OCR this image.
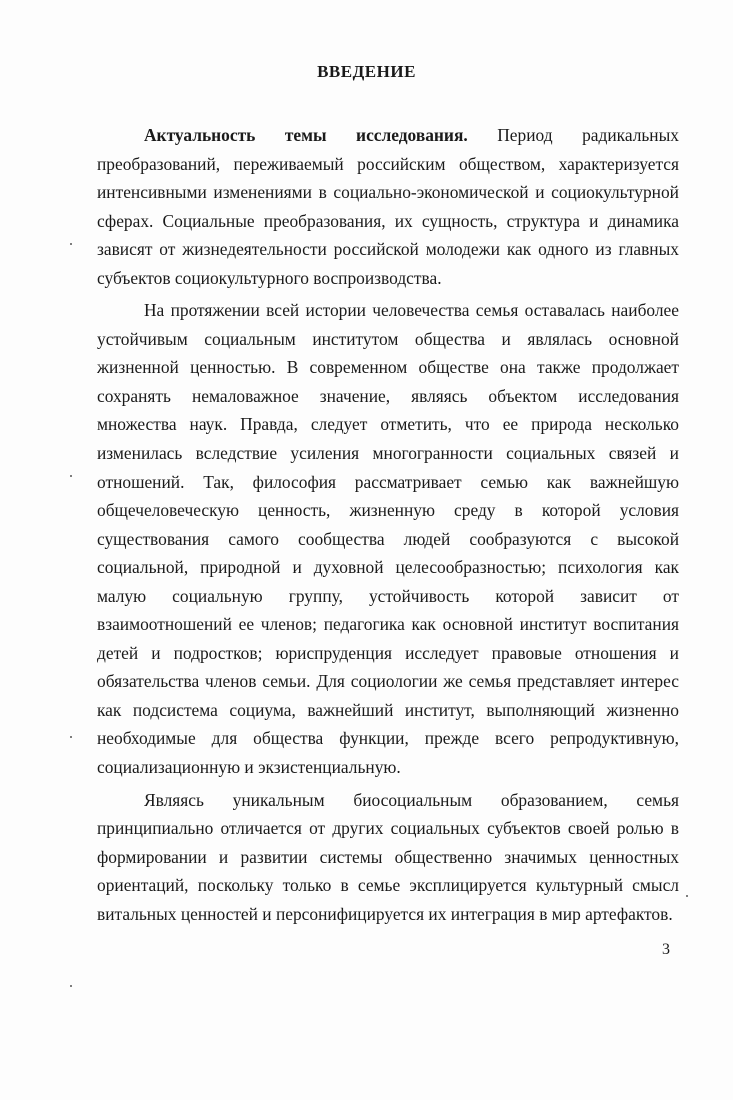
ВВЕДЕНИЕ

Актуальность темы исследования. Период радикальных преобразований, переживаемый российским обществом, характеризуется интенсивными изменениями в социально-экономической и социокультурной сферах. Социальные преобразования, их сущность, структура и динамика зависят от жизнедеятельности российской молодежи как одного из главных субъектов социокультурного воспроизводства.

На протяжении всей истории человечества семья оставалась наиболее устойчивым социальным институтом общества и являлась основной жизненной ценностью. В современном обществе она также продолжает сохранять немаловажное значение, являясь объектом исследования множества наук. Правда, следует отметить, что ее природа несколько изменилась вследствие усиления многогранности социальных связей и отношений. Так, философия рассматривает семью как важнейшую общечеловеческую ценность, жизненную среду в которой условия существования самого сообщества людей сообразуются с высокой социальной, природной и духовной целесообразностью; психология как малую социальную группу, устойчивость которой зависит от взаимоотношений ее членов; педагогика как основной институт воспитания детей и подростков; юриспруденция исследует правовые отношения и обязательства членов семьи. Для социологии же семья представляет интерес как подсистема социума, важнейший институт, выполняющий жизненно необходимые для общества функции, прежде всего репродуктивную, социализационную и экзистенциальную.

Являясь уникальным биосоциальным образованием, семья принципиально отличается от других социальных субъектов своей ролью в формировании и развитии системы общественно значимых ценностных ориентаций, поскольку только в семье эксплицируется культурный смысл витальных ценностей и персонифицируется их интеграция в мир артефактов.

3
